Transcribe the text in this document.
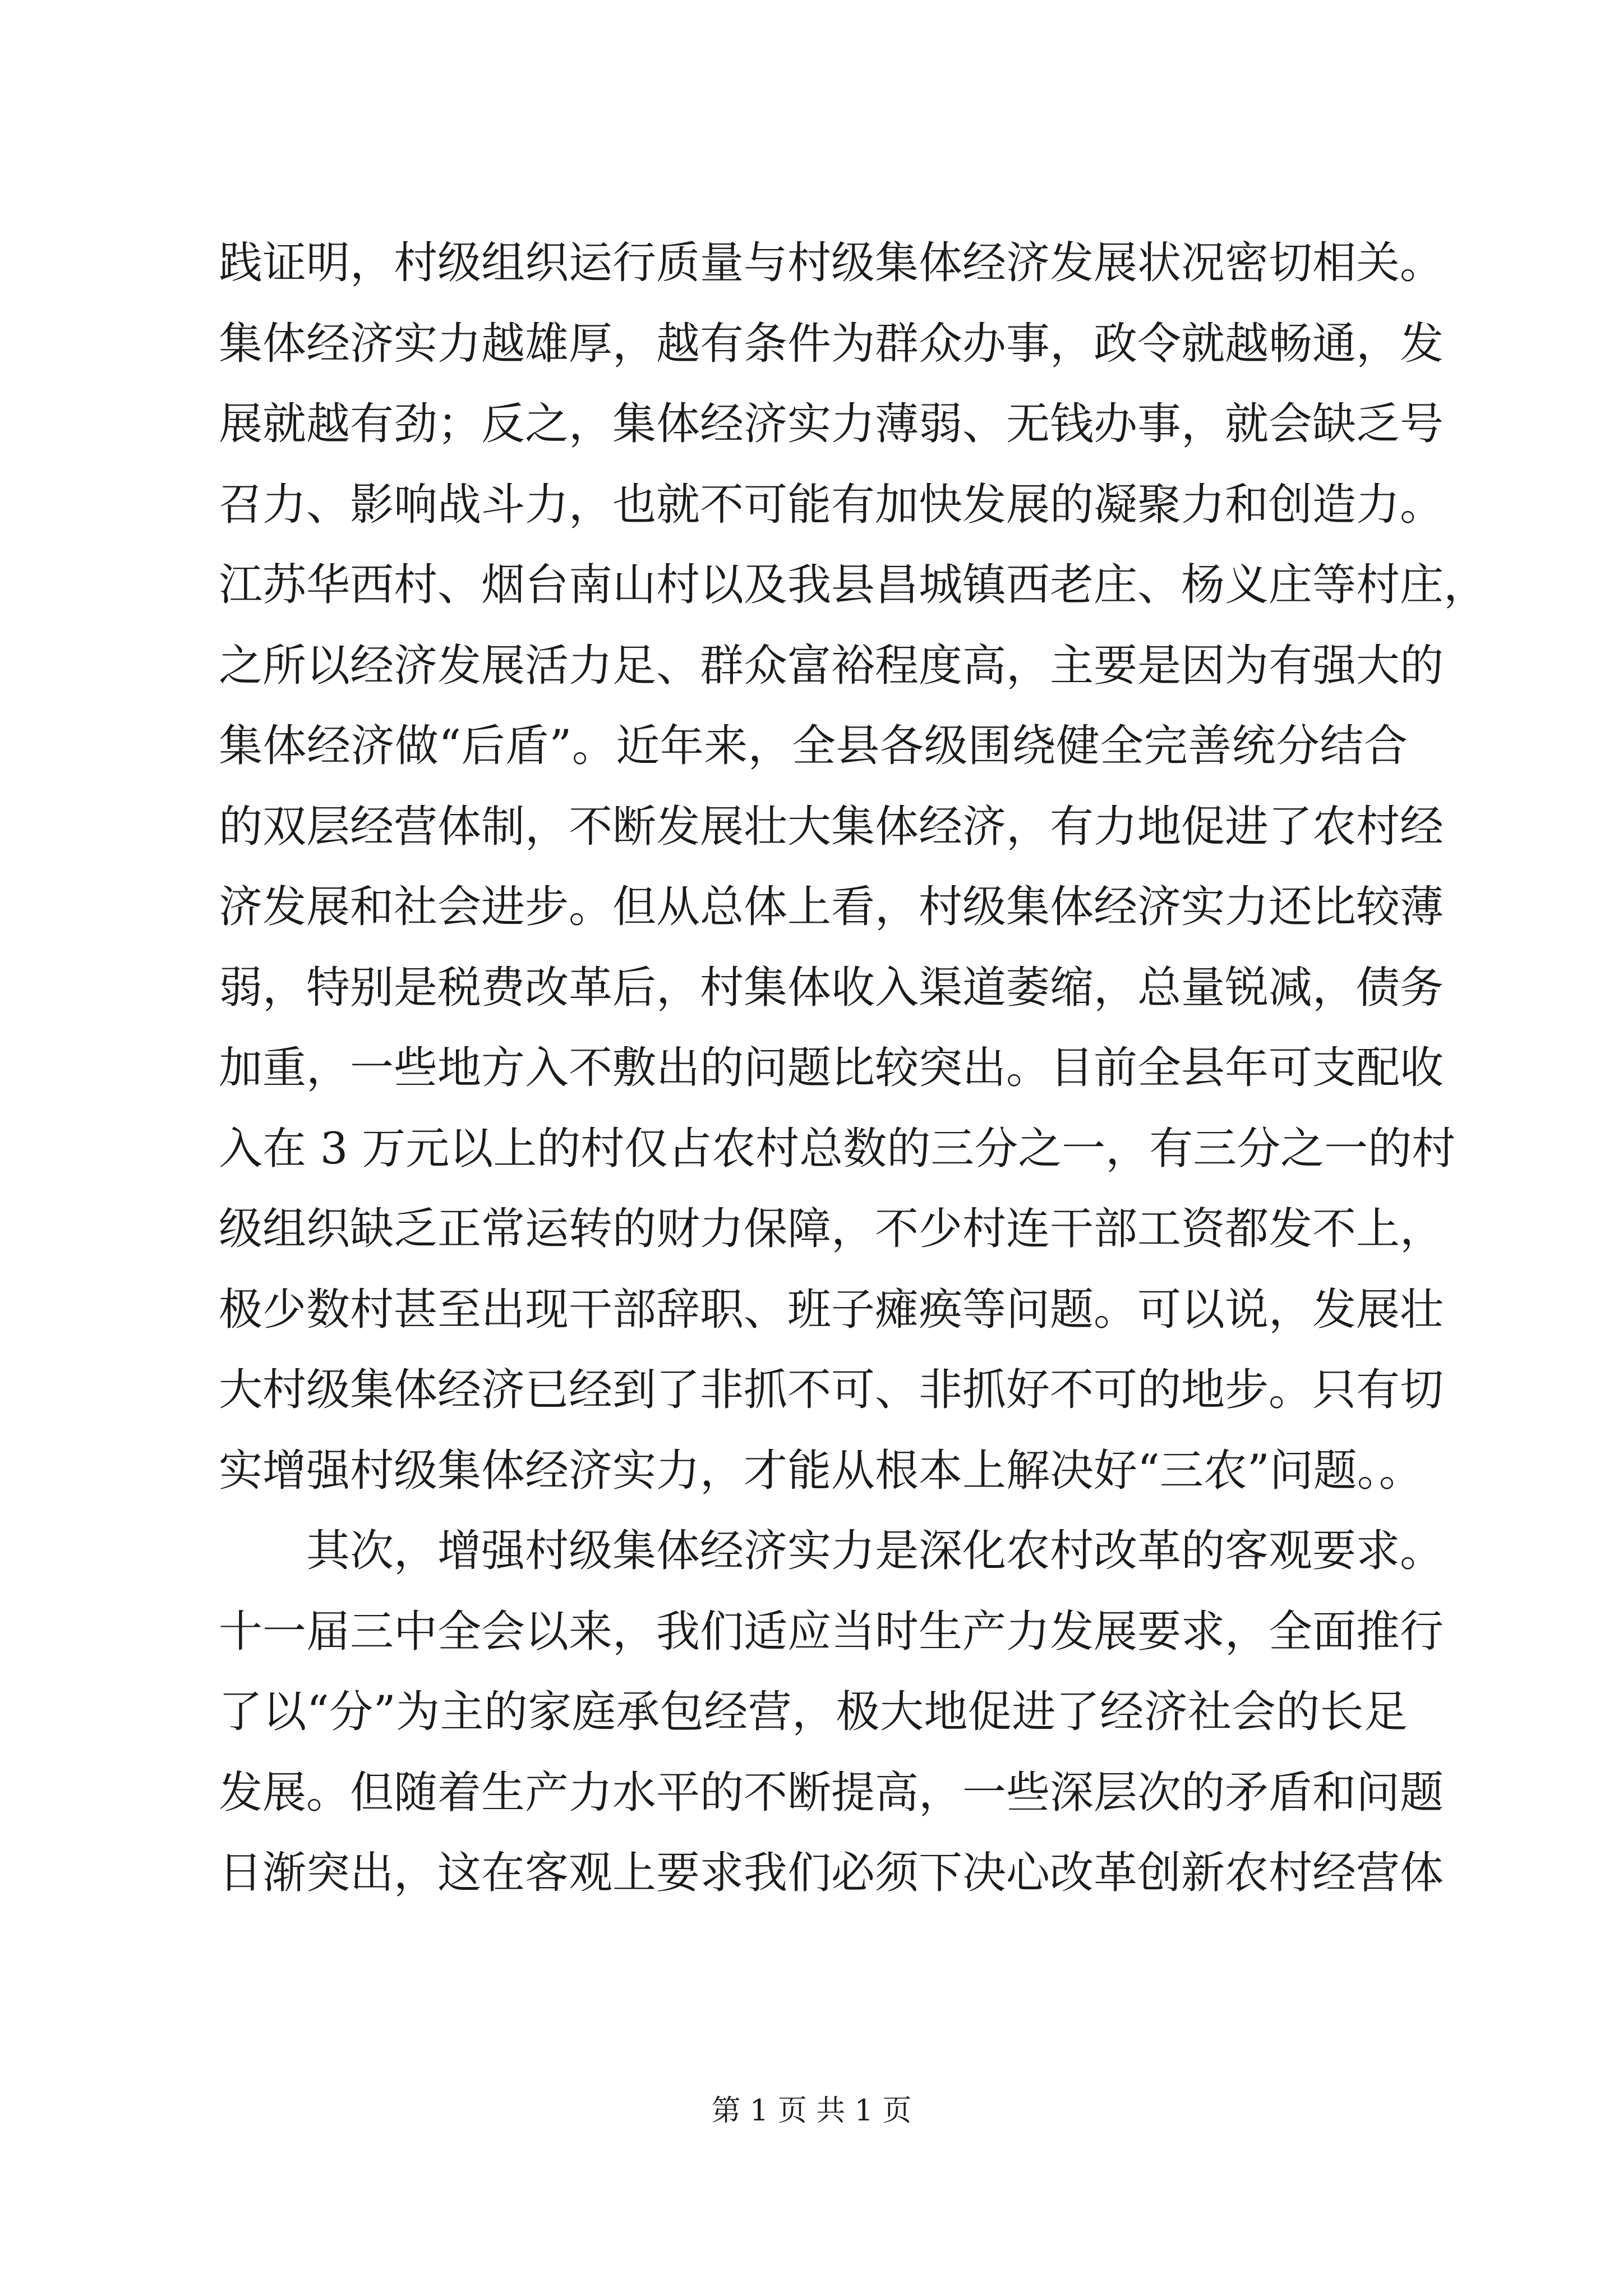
践证明，村级组织运行质量与村级集体经济发展状况密切相关。
集体经济实力越雄厚，越有条件为群众办事，政令就越畅通，发
展就越有劲；反之，集体经济实力薄弱、无钱办事，就会缺乏号
召力、影响战斗力，也就不可能有加快发展的凝聚力和创造力。
江苏华西村、烟台南山村以及我县昌城镇西老庄、杨义庄等村庄，
之所以经济发展活力足、群众富裕程度高，主要是因为有强大的
集体经济做“后盾”。近年来，全县各级围绕健全完善统分结合
的双层经营体制，不断发展壮大集体经济，有力地促进了农村经
济发展和社会进步。但从总体上看，村级集体经济实力还比较薄
弱，特别是税费改革后，村集体收入渠道萎缩，总量锐减，债务
加重，一些地方入不敷出的问题比较突出。目前全县年可支配收
入在 3 万元以上的村仅占农村总数的三分之一，有三分之一的村
级组织缺乏正常运转的财力保障，不少村连干部工资都发不上，
极少数村甚至出现干部辞职、班子瘫痪等问题。可以说，发展壮
大村级集体经济已经到了非抓不可、非抓好不可的地步。只有切
实增强村级集体经济实力，才能从根本上解决好“三农”问题。。
其次，增强村级集体经济实力是深化农村改革的客观要求。
十一届三中全会以来，我们适应当时生产力发展要求，全面推行
了以“分”为主的家庭承包经营，极大地促进了经济社会的长足
发展。但随着生产力水平的不断提高，一些深层次的矛盾和问题
日渐突出，这在客观上要求我们必须下决心改革创新农村经营体
第 1 页 共 1 页
